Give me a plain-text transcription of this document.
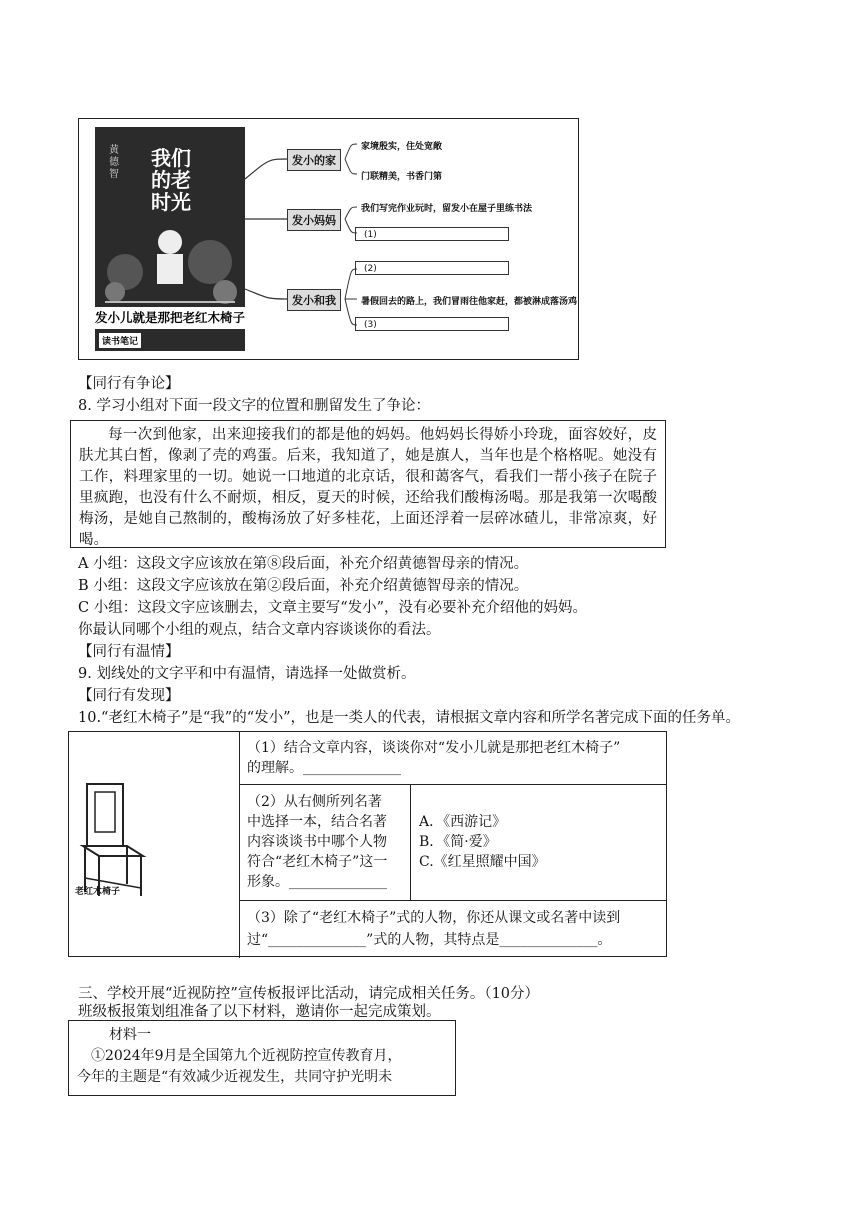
黄德智
我们的老时光
发小儿就是那把老红木椅子
读书笔记
发小的家
家境殷实，住处宽敞
门联精美，书香门第
发小妈妈
我们写完作业玩时，留发小在屋子里练书法
(1)
发小和我
(2)
暑假回去的路上，我们冒雨往他家赶，都被淋成落汤鸡
(3)
【同行有争论】
8. 学习小组对下面一段文字的位置和删留发生了争论：

每一次到他家，出来迎接我们的都是他的妈妈。他妈妈长得娇小玲珑，面容姣好，皮肤尤其白皙，像剥了壳的鸡蛋。后来，我知道了，她是旗人，当年也是个格格呢。她没有工作，料理家里的一切。她说一口地道的北京话，很和蔼客气，看我们一帮小孩子在院子里疯跑，也没有什么不耐烦，相反，夏天的时候，还给我们酸梅汤喝。那是我第一次喝酸梅汤，是她自己熬制的，酸梅汤放了好多桂花，上面还浮着一层碎冰碴儿，非常凉爽，好喝。

A 小组：这段文字应该放在第⑧段后面，补充介绍黄德智母亲的情况。
B 小组：这段文字应该放在第②段后面，补充介绍黄德智母亲的情况。
C 小组：这段文字应该删去，文章主要写“发小”，没有必要补充介绍他的妈妈。
你最认同哪个小组的观点，结合文章内容谈谈你的看法。
【同行有温情】
9. 划线处的文字平和中有温情，请选择一处做赏析。
【同行有发现】
10.“老红木椅子”是“我”的“发小”，也是一类人的代表，请根据文章内容和所学名著完成下面的任务单。
老红木椅子
（1）结合文章内容，谈谈你对“发小儿就是那把老红木椅子”
的理解。______________
（2）从右侧所列名著
中选择一本，结合名著
内容谈谈书中哪个人物
符合“老红木椅子”这一
形象。______________
A．《西游记》
B．《简·爱》
C.《红星照耀中国》
（3）除了“老红木椅子”式的人物，你还从课文或名著中读到
过“______________”式的人物，其特点是______________。
三、学校开展“近视防控”宣传板报评比活动，请完成相关任务。（10分）
班级板报策划组准备了以下材料，邀请你一起完成策划。
材料一
①2024年9月是全国第九个近视防控宣传教育月，
今年的主题是“有效减少近视发生，共同守护光明未
